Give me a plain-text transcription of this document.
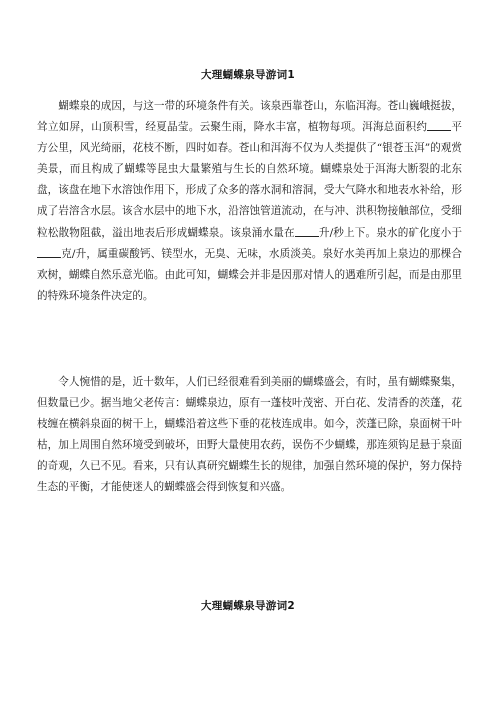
大理蝴蝶泉导游词1

蝴蝶泉的成因，与这一带的环境条件有关。该泉西靠苍山，东临洱海。苍山巍峨挺拔，耸立如屏，山顶积雪，经夏晶莹。云聚生雨，降水丰富，植物每项。洱海总面积约 平方公里，风光绮丽，花枝不断，四时如春。苍山和洱海不仅为人类提供了“银苍玉洱”的观赏美景，而且构成了蝴蝶等昆虫大量繁殖与生长的自然环境。蝴蝶泉处于洱海大断裂的北东盘，该盘在地下水溶蚀作用下，形成了众多的落水洞和溶洞，受大气降水和地表水补给，形成了岩溶含水层。该含水层中的地下水，沿溶蚀管道流动，在与冲、洪积物接触部位，受细粒松散物阻截，溢出地表后形成蝴蝶泉。该泉涌水量在 升/秒上下。泉水的矿化度小于克/升，属重碳酸钙、镁型水，无臭、无味，水质淡美。泉好水美再加上泉边的那棵合欢树，蝴蝶自然乐意光临。由此可知，蝴蝶会并非是因那对情人的遇难所引起，而是由那里的特殊环境条件决定的。

令人惋惜的是，近十数年，人们已经很难看到美丽的蝴蝶盛会，有时，虽有蝴蝶聚集，但数量已少。据当地父老传言：蝴蝶泉边，原有一蓬枝叶茂密、开白花、发清香的茨蓬，花枝缠在横斜泉面的树干上，蝴蝶沿着这些下垂的花枝连成串。如今，茨蓬已除，泉面树干叶枯，加上周围自然环境受到破坏，田野大量使用农药，误伤不少蝴蝶，那连须钩足悬于泉面的奇观，久已不见。看来，只有认真研究蝴蝶生长的规律，加强自然环境的保护，努力保持生态的平衡，才能使迷人的蝴蝶盛会得到恢复和兴盛。

大理蝴蝶泉导游词2
